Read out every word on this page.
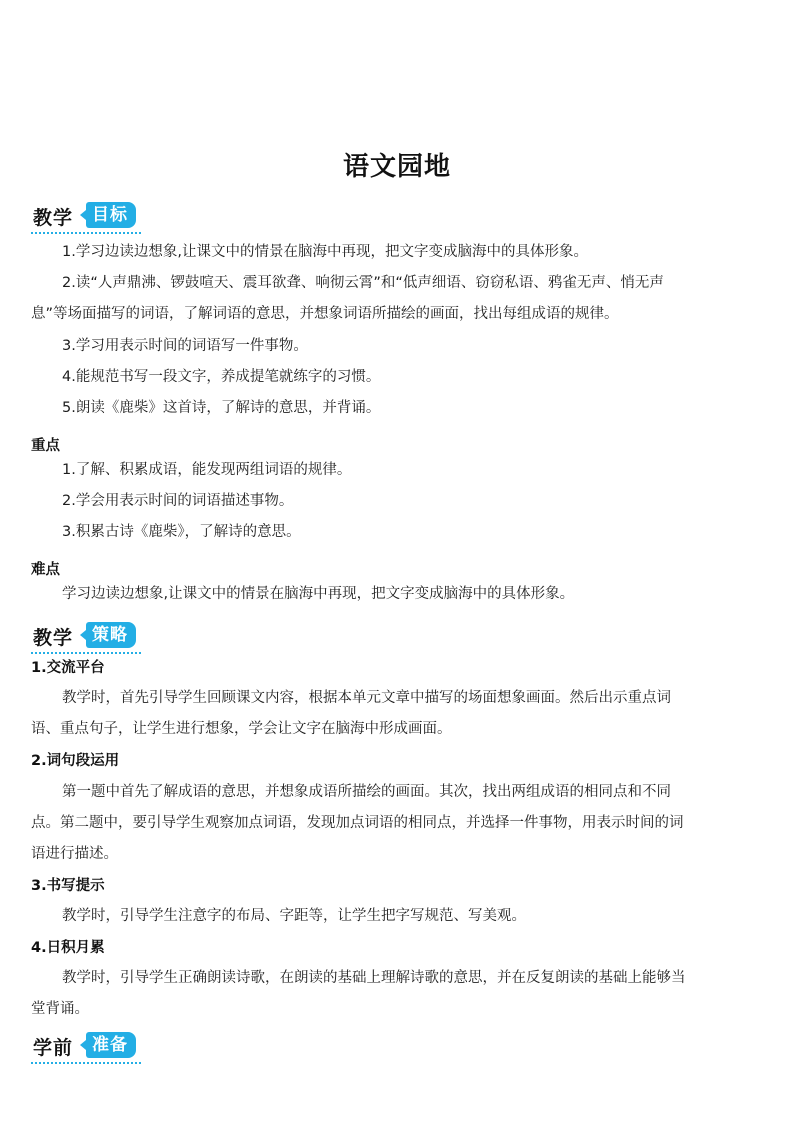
语文园地
教学	目标
1.学习边读边想象,让课文中的情景在脑海中再现，把文字变成脑海中的具体形象。
2.读“人声鼎沸、锣鼓喧天、震耳欲聋、响彻云霄”和“低声细语、窃窃私语、鸦雀无声、悄无声
息”等场面描写的词语，了解词语的意思，并想象词语所描绘的画面，找出每组成语的规律。
3.学习用表示时间的词语写一件事物。
4.能规范书写一段文字，养成提笔就练字的习惯。
5.朗读《鹿柴》这首诗，了解诗的意思，并背诵。
重点
1.了解、积累成语，能发现两组词语的规律。
2.学会用表示时间的词语描述事物。
3.积累古诗《鹿柴》，了解诗的意思。
难点
学习边读边想象,让课文中的情景在脑海中再现，把文字变成脑海中的具体形象。
教学	策略
1.交流平台
教学时，首先引导学生回顾课文内容，根据本单元文章中描写的场面想象画面。然后出示重点词
语、重点句子，让学生进行想象，学会让文字在脑海中形成画面。
2.词句段运用
第一题中首先了解成语的意思，并想象成语所描绘的画面。其次，找出两组成语的相同点和不同
点。第二题中，要引导学生观察加点词语，发现加点词语的相同点，并选择一件事物，用表示时间的词
语进行描述。
3.书写提示
教学时，引导学生注意字的布局、字距等，让学生把字写规范、写美观。
4.日积月累
教学时，引导学生正确朗读诗歌，在朗读的基础上理解诗歌的意思，并在反复朗读的基础上能够当
堂背诵。
学前	准备
